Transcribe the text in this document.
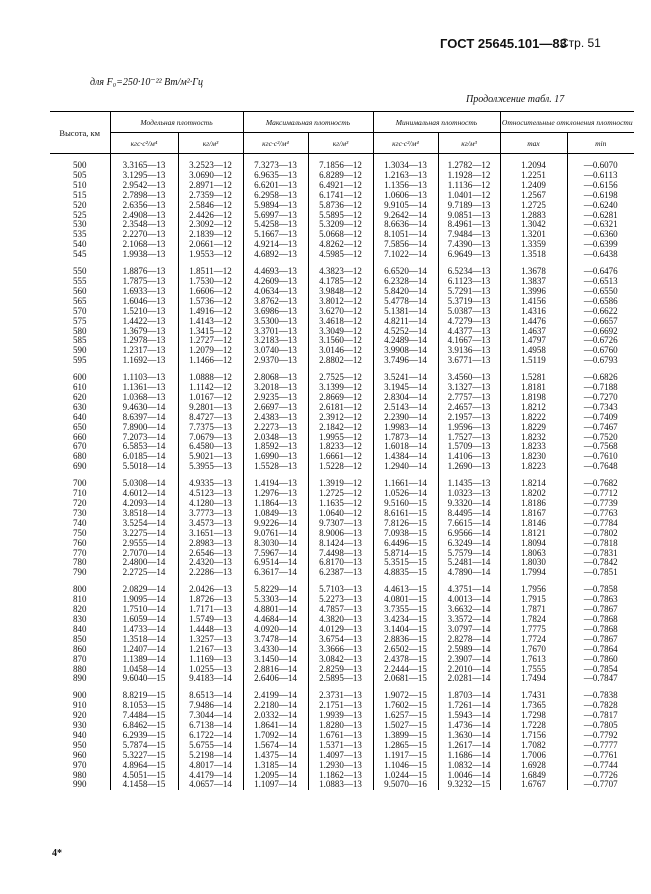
ГОСТ 25645.101—83
Стр. 51
для F₀=250·10⁻²² Вт/м²·Гц
Продолжение табл. 17
Высота, км	Модельная плотность		Максимальная плотность		Минимальная плотность		Относительные отклонения плотности	
	кгс·с²/м⁴	кг/м³	кгс·с²/м⁴	кг/м³	кгс·с²/м⁴	кг/м³	max	min

500	3.3165—13	3.2523—12	7.3273—13	7.1856—12	1.3034—13	1.2782—12	1.2094	—0.6070
505	3.1295—13	3.0690—12	6.9635—13	6.8289—12	1.2163—13	1.1928—12	1.2251	—0.6113
510	2.9542—13	2.8971—12	6.6201—13	6.4921—12	1.1356—13	1.1136—12	1.2409	—0.6156
515	2.7898—13	2.7359—12	6.2958—13	6.1741—12	1.0606—13	1.0401—12	1.2567	—0.6198
520	2.6356—13	2.5846—12	5.9894—13	5.8736—12	9.9105—14	9.7189—13	1.2725	—0.6240
525	2.4908—13	2.4426—12	5.6997—13	5.5895—12	9.2642—14	9.0851—13	1.2883	—0.6281
530	2.3548—13	2.3092—12	5.4258—13	5.3209—12	8.6636—14	8.4961—13	1.3042	—0.6321
535	2.2270—13	2.1839—12	5.1667—13	5.0668—12	8.1051—14	7.9484—13	1.3201	—0.6360
540	2.1068—13	2.0661—12	4.9214—13	4.8262—12	7.5856—14	7.4390—13	1.3359	—0.6399
545	1.9938—13	1.9553—12	4.6892—13	4.5985—12	7.1022—14	6.9649—13	1.3518	—0.6438

550	1.8876—13	1.8511—12	4.4693—13	4.3823—12	6.6520—14	6.5234—13	1.3678	—0.6476
555	1.7875—13	1.7530—12	4.2609—13	4.1785—12	6.2328—14	6.1123—13	1.3837	—0.6513
560	1.6933—13	1.6606—12	4.0634—13	3.9848—12	5.8420—14	5.7291—13	1.3996	—0.6550
565	1.6046—13	1.5736—12	3.8762—13	3.8012—12	5.4778—14	5.3719—13	1.4156	—0.6586
570	1.5210—13	1.4916—12	3.6986—13	3.6270—12	5.1381—14	5.0387—13	1.4316	—0.6622
575	1.4422—13	1.4143—12	3.5300—13	3.4618—12	4.8211—14	4.7279—13	1.4476	—0.6657
580	1.3679—13	1.3415—12	3.3701—13	3.3049—12	4.5252—14	4.4377—13	1.4637	—0.6692
585	1.2978—13	1.2727—12	3.2183—13	3.1560—12	4.2489—14	4.1667—13	1.4797	—0.6726
590	1.2317—13	1.2079—12	3.0740—13	3.0146—12	3.9908—14	3.9136—13	1.4958	—0.6760
595	1.1692—13	1.1466—12	2.9370—13	2.8802—12	3.7496—14	3.6771—13	1.5119	—0.6793

600	1.1103—13	1.0888—12	2.8068—13	2.7525—12	3.5241—14	3.4560—13	1.5281	—0.6826
610	1.1361—13	1.1142—12	3.2018—13	3.1399—12	3.1945—14	3.1327—13	1.8181	—0.7188
620	1.0368—13	1.0167—12	2.9235—13	2.8669—12	2.8304—14	2.7757—13	1.8198	—0.7270
630	9.4630—14	9.2801—13	2.6697—13	2.6181—12	2.5143—14	2.4657—13	1.8212	—0.7343
640	8.6397—14	8.4727—13	2.4383—13	2.3912—12	2.2390—14	2.1957—13	1.8222	—0.7409
650	7.8900—14	7.7375—13	2.2273—13	2.1842—12	1.9983—14	1.9596—13	1.8229	—0.7467
660	7.2073—14	7.0679—13	2.0348—13	1.9955—12	1.7873—14	1.7527—13	1.8232	—0.7520
670	6.5853—14	6.4580—13	1.8592—13	1.8233—12	1.6018—14	1.5709—13	1.8233	—0.7568
680	6.0185—14	5.9021—13	1.6990—13	1.6661—12	1.4384—14	1.4106—13	1.8230	—0.7610
690	5.5018—14	5.3955—13	1.5528—13	1.5228—12	1.2940—14	1.2690—13	1.8223	—0.7648

700	5.0308—14	4.9335—13	1.4194—13	1.3919—12	1.1661—14	1.1435—13	1.8214	—0.7682
710	4.6012—14	4.5123—13	1.2976—13	1.2725—12	1.0526—14	1.0323—13	1.8202	—0.7712
720	4.2093—14	4.1280—13	1.1864—13	1.1635—12	9.5160—15	9.3320—14	1.8186	—0.7739
730	3.8518—14	3.7773—13	1.0849—13	1.0640—12	8.6161—15	8.4495—14	1.8167	—0.7763
740	3.5254—14	3.4573—13	9.9226—14	9.7307—13	7.8126—15	7.6615—14	1.8146	—0.7784
750	3.2275—14	3.1651—13	9.0761—14	8.9006—13	7.0938—15	6.9566—14	1.8121	—0.7802
760	2.9555—14	2.8983—13	8.3030—14	8.1424—13	6.4496—15	6.3249—14	1.8094	—0.7818
770	2.7070—14	2.6546—13	7.5967—14	7.4498—13	5.8714—15	5.7579—14	1.8063	—0.7831
780	2.4800—14	2.4320—13	6.9514—14	6.8170—13	5.3515—15	5.2481—14	1.8030	—0.7842
790	2.2725—14	2.2286—13	6.3617—14	6.2387—13	4.8835—15	4.7890—14	1.7994	—0.7851

800	2.0829—14	2.0426—13	5.8229—14	5.7103—13	4.4613—15	4.3751—14	1.7956	—0.7858
810	1.9095—14	1.8726—13	5.3303—14	5.2273—13	4.0801—15	4.0013—14	1.7915	—0.7863
820	1.7510—14	1.7171—13	4.8801—14	4.7857—13	3.7355—15	3.6632—14	1.7871	—0.7867
830	1.6059—14	1.5749—13	4.4684—14	4.3820—13	3.4234—15	3.3572—14	1.7824	—0.7868
840	1.4733—14	1.4448—13	4.0920—14	4.0129—13	3.1404—15	3.0797—14	1.7775	—0.7868
850	1.3518—14	1.3257—13	3.7478—14	3.6754—13	2.8836—15	2.8278—14	1.7724	—0.7867
860	1.2407—14	1.2167—13	3.4330—14	3.3666—13	2.6502—15	2.5989—14	1.7670	—0.7864
870	1.1389—14	1.1169—13	3.1450—14	3.0842—13	2.4378—15	2.3907—14	1.7613	—0.7860
880	1.0458—14	1.0255—13	2.8816—14	2.8259—13	2.2444—15	2.2010—14	1.7555	—0.7854
890	9.6040—15	9.4183—14	2.6406—14	2.5895—13	2.0681—15	2.0281—14	1.7494	—0.7847

900	8.8219—15	8.6513—14	2.4199—14	2.3731—13	1.9072—15	1.8703—14	1.7431	—0.7838
910	8.1053—15	7.9486—14	2.2180—14	2.1751—13	1.7602—15	1.7261—14	1.7365	—0.7828
920	7.4484—15	7.3044—14	2.0332—14	1.9939—13	1.6257—15	1.5943—14	1.7298	—0.7817
930	6.8462—15	6.7138—14	1.8641—14	1.8280—13	1.5027—15	1.4736—14	1.7228	—0.7805
940	6.2939—15	6.1722—14	1.7092—14	1.6761—13	1.3899—15	1.3630—14	1.7156	—0.7792
950	5.7874—15	5.6755—14	1.5674—14	1.5371—13	1.2865—15	1.2617—14	1.7082	—0.7777
960	5.3227—15	5.2198—14	1.4375—14	1.4097—13	1.1917—15	1.1686—14	1.7006	—0.7761
970	4.8964—15	4.8017—14	1.3185—14	1.2930—13	1.1046—15	1.0832—14	1.6928	—0.7744
980	4.5051—15	4.4179—14	1.2095—14	1.1862—13	1.0244—15	1.0046—14	1.6849	—0.7726
990	4.1458—15	4.0657—14	1.1097—14	1.0883—13	9.5070—16	9.3232—15	1.6767	—0.7707
4*
